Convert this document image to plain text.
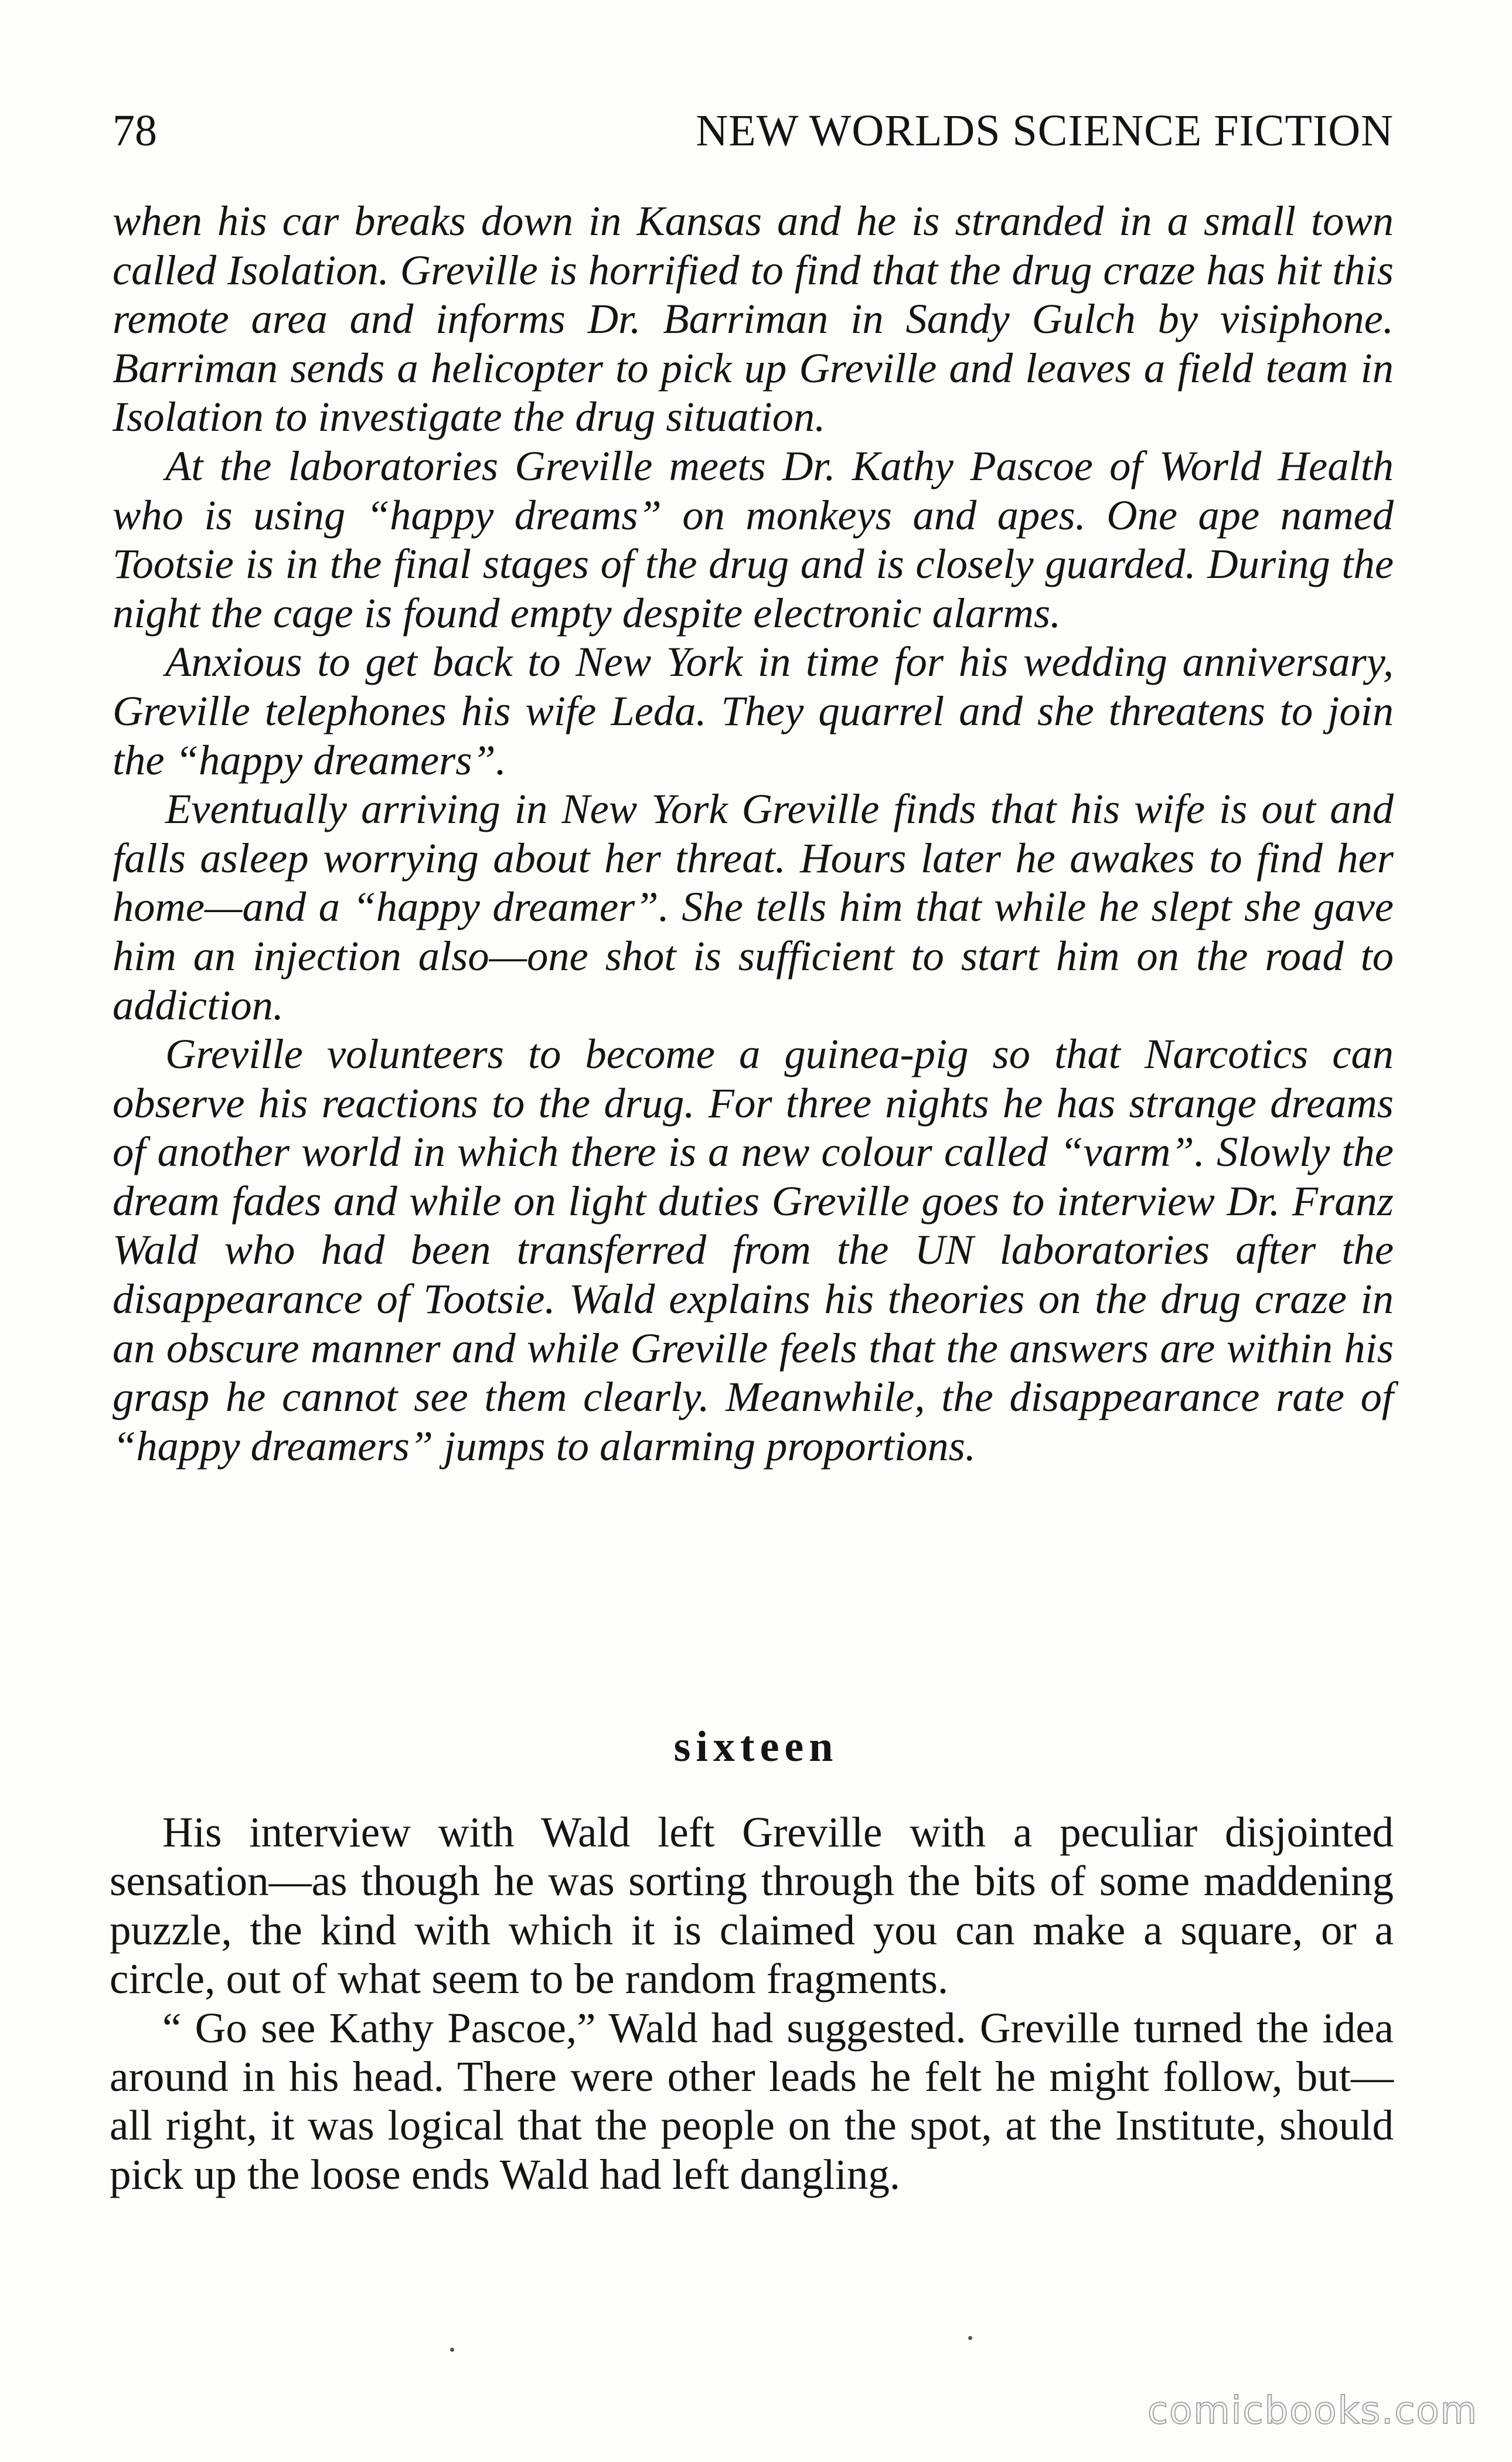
78	NEW WORLDS SCIENCE FICTION

when his car breaks down in Kansas and he is stranded in a small town called Isolation. Greville is horrified to find that the drug craze has hit this remote area and informs Dr. Barriman in Sandy Gulch by visiphone. Barriman sends a helicopter to pick up Greville and leaves a field team in Isolation to investigate the drug situation.

At the laboratories Greville meets Dr. Kathy Pascoe of World Health who is using “happy dreams” on monkeys and apes. One ape named Tootsie is in the final stages of the drug and is closely guarded. During the night the cage is found empty despite electronic alarms.

Anxious to get back to New York in time for his wedding anniversary, Greville telephones his wife Leda. They quarrel and she threatens to join the “happy dreamers”.

Eventually arriving in New York Greville finds that his wife is out and falls asleep worrying about her threat. Hours later he awakes to find her home—and a “happy dreamer”. She tells him that while he slept she gave him an injection also—one shot is sufficient to start him on the road to addiction.

Greville volunteers to become a guinea-pig so that Narcotics can observe his reactions to the drug. For three nights he has strange dreams of another world in which there is a new colour called “varm”. Slowly the dream fades and while on light duties Greville goes to interview Dr. Franz Wald who had been transferred from the UN laboratories after the disappearance of Tootsie. Wald explains his theories on the drug craze in an obscure manner and while Greville feels that the answers are within his grasp he cannot see them clearly. Meanwhile, the disappearance rate of “happy dreamers” jumps to alarming proportions.

sixteen

His interview with Wald left Greville with a peculiar disjointed sensation—as though he was sorting through the bits of some maddening puzzle, the kind with which it is claimed you can make a square, or a circle, out of what seem to be random fragments.

“ Go see Kathy Pascoe,” Wald had suggested. Greville turned the idea around in his head. There were other leads he felt he might follow, but—all right, it was logical that the people on the spot, at the Institute, should pick up the loose ends Wald had left dangling.

comicbooks.com
